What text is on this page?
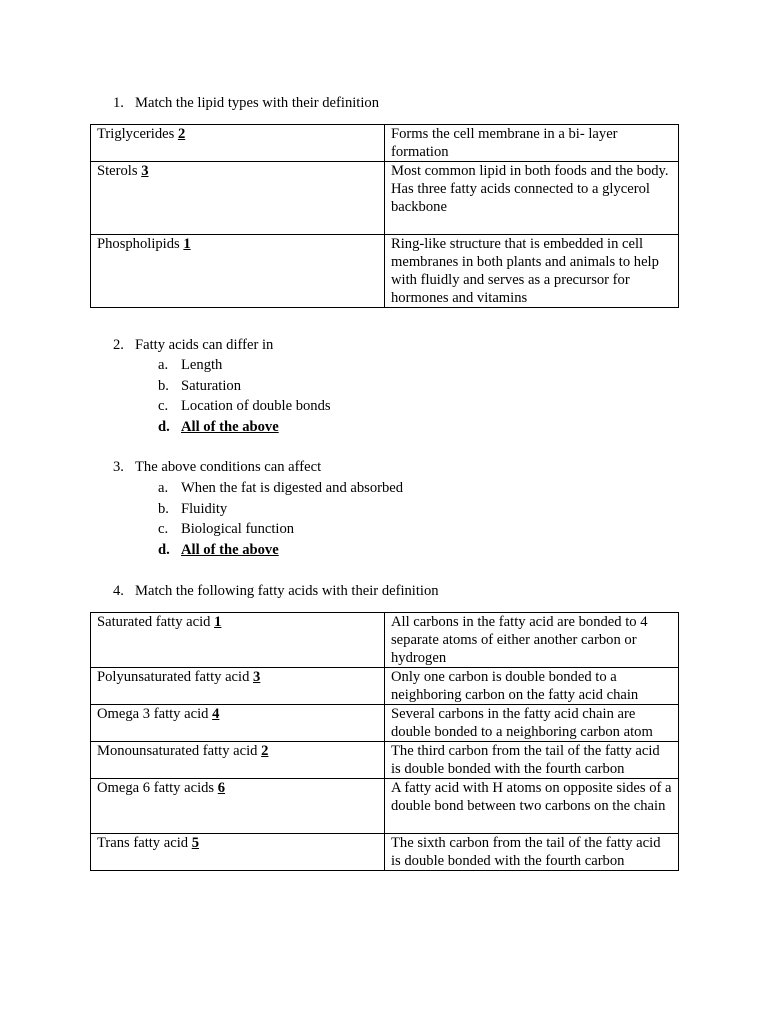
1. Match the lipid types with their definition
Triglycerides 2	Forms the cell membrane in a bi- layer formation
Sterols 3	Most common lipid in both foods and the body. Has three fatty acids connected to a glycerol backbone
Phospholipids 1	Ring-like structure that is embedded in cell membranes in both plants and animals to help with fluidly and serves as a precursor for hormones and vitamins
2. Fatty acids can differ in
a. Length
b. Saturation
c. Location of double bonds
d. All of the above
3. The above conditions can affect
a. When the fat is digested and absorbed
b. Fluidity
c. Biological function
d. All of the above
4. Match the following fatty acids with their definition
Saturated fatty acid 1	All carbons in the fatty acid are bonded to 4 separate atoms of either another carbon or hydrogen
Polyunsaturated fatty acid 3	Only one carbon is double bonded to a neighboring carbon on the fatty acid chain
Omega 3 fatty acid 4	Several carbons in the fatty acid chain are double bonded to a neighboring carbon atom
Monounsaturated fatty acid 2	The third carbon from the tail of the fatty acid is double bonded with the fourth carbon
Omega 6 fatty acids 6	A fatty acid with H atoms on opposite sides of a double bond between two carbons on the chain
Trans fatty acid 5	The sixth carbon from the tail of the fatty acid is double bonded with the fourth carbon
